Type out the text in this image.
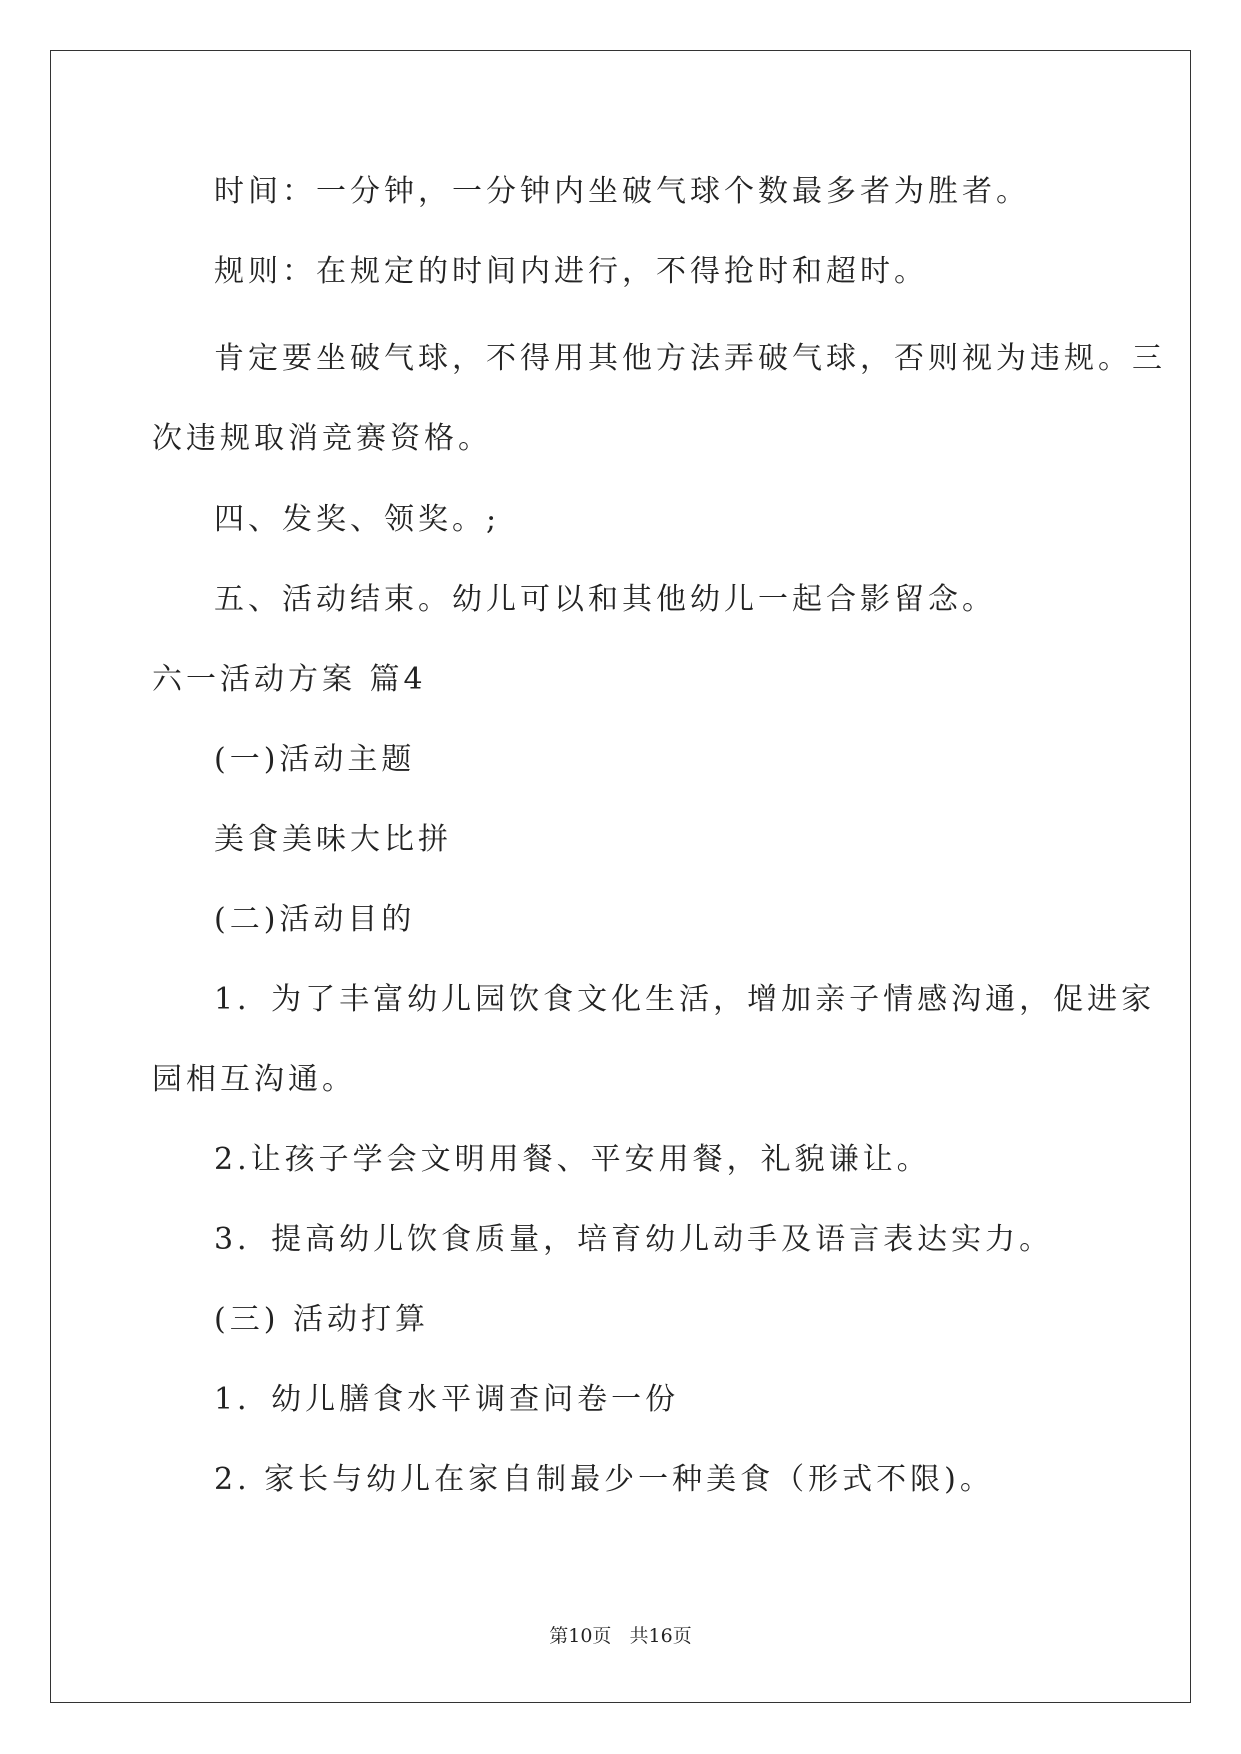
时间：一分钟，一分钟内坐破气球个数最多者为胜者。
规则：在规定的时间内进行，不得抢时和超时。
肯定要坐破气球，不得用其他方法弄破气球，否则视为违规。三
次违规取消竞赛资格。
四、发奖、领奖。;
五、活动结束。幼儿可以和其他幼儿一起合影留念。
六一活动方案 篇4
(一)活动主题
美食美味大比拼
(二)活动目的
1．为了丰富幼儿园饮食文化生活，增加亲子情感沟通，促进家
园相互沟通。
2.让孩子学会文明用餐、平安用餐，礼貌谦让。
3．提高幼儿饮食质量，培育幼儿动手及语言表达实力。
(三) 活动打算
1．幼儿膳食水平调查问卷一份
2. 家长与幼儿在家自制最少一种美食（形式不限)。
第10页   共16页
